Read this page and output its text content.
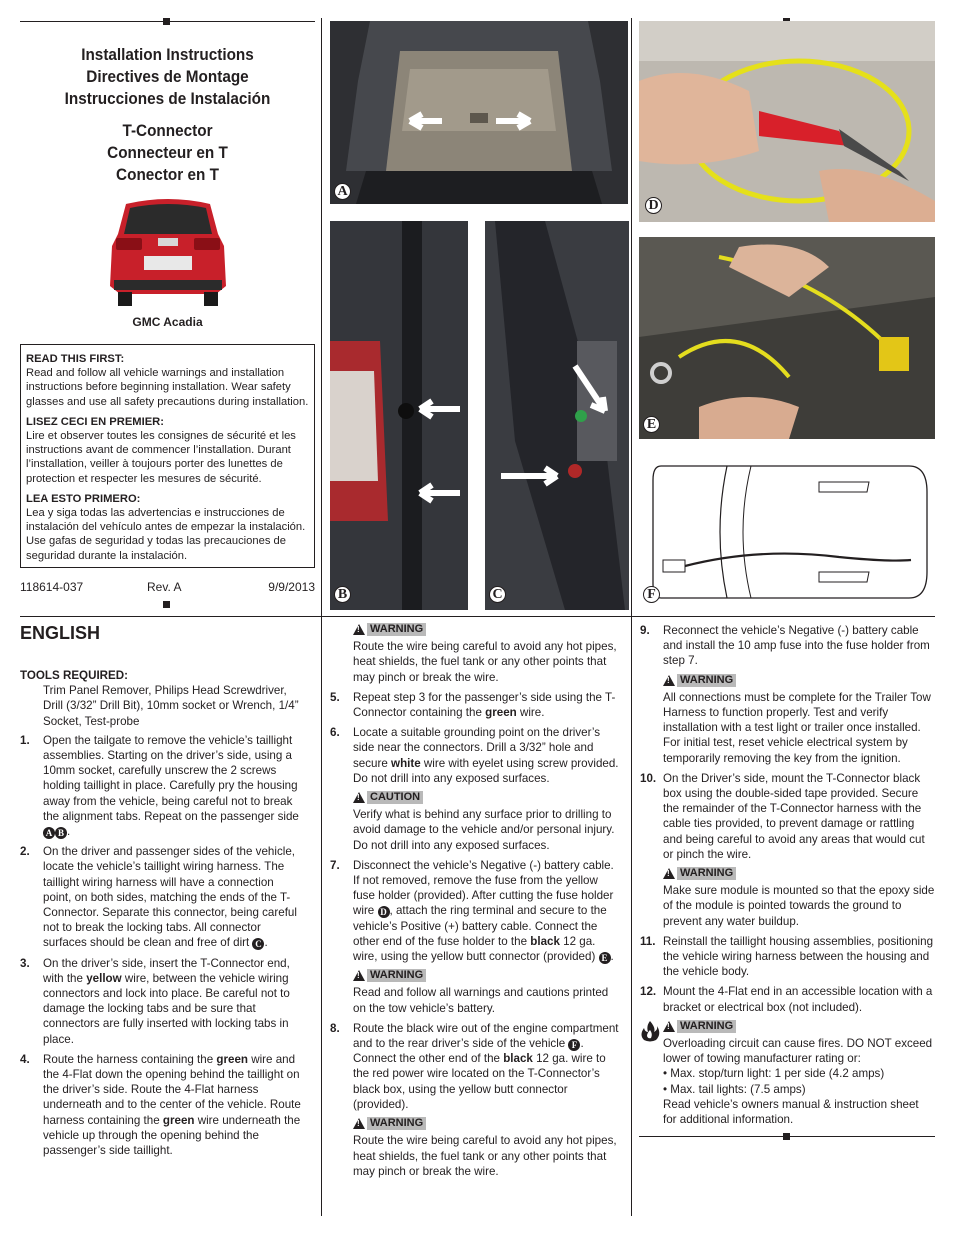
Installation Instructions
Directives de Montage
Instrucciones de Instalación
T-Connector
Connecteur en T
Conector en T
GMC Acadia

READ THIS FIRST:
Read and follow all vehicle warnings and installation instructions before beginning installation. Wear safety glasses and use all safety precautions during installation.

LISEZ CECI EN PREMIER:
Lire et observer toutes les consignes de sécurité et les instructions avant de commencer l’installation. Durant l’installation, veiller à toujours porter des lunettes de protection et respecter les mesures de sécurité.

LEA ESTO PRIMERO:
Lea y siga todas las advertencias e instrucciones de instalación del vehículo antes de empezar la instalación. Use gafas de seguridad y todas las precauciones de seguridad durante la instalación.

118614-037	Rev. A	9/9/2013
A
D
B	C
E
F
ENGLISH
TOOLS REQUIRED:
Trim Panel Remover, Philips Head Screwdriver, Drill (3/32” Drill Bit), 10mm socket or Wrench, 1/4” Socket, Test-probe
1. Open the tailgate to remove the vehicle’s taillight assemblies. Starting on the driver’s side, using a 10mm socket, carefully unscrew the 2 screws holding taillight in place. Carefully pry the housing away from the vehicle, being careful not to break the alignment tabs. Repeat on the passenger side A B .
2. On the driver and passenger sides of the vehicle, locate the vehicle’s taillight wiring harness. The taillight wiring harness will have a connection point, on both sides, matching the ends of the T-Connector. Separate this connector, being careful not to break the locking tabs. All connector surfaces should be clean and free of dirt C .
3. On the driver’s side, insert the T-Connector end, with the yellow wire, between the vehicle wiring connectors and lock into place. Be careful not to damage the locking tabs and be sure that connectors are fully inserted with locking tabs in place.
4. Route the harness containing the green wire and the 4-Flat down the opening behind the taillight on the driver’s side. Route the 4-Flat harness underneath and to the center of the vehicle. Route harness containing the green wire underneath the vehicle up through the opening behind the passenger’s side taillight.
!
WARNING
Route the wire being careful to avoid any hot pipes, heat shields, the fuel tank or any other points that may pinch or break the wire.
5. Repeat step 3 for the passenger’s side using the T-Connector containing the green wire.
6. Locate a suitable grounding point on the driver’s side near the connectors. Drill a 3/32” hole and secure white wire with eyelet using screw provided. Do not drill into any exposed surfaces.
!
CAUTION
Verify what is behind any surface prior to drilling to avoid damage to the vehicle and/or personal injury. Do not drill into any exposed surfaces.
7. Disconnect the vehicle’s Negative (-) battery cable. If not removed, remove the fuse from the yellow fuse holder (provided). After cutting the fuse holder wire D , attach the ring terminal and secure to the vehicle’s Positive (+) battery cable. Connect the other end of the fuse holder to the black 12 ga. wire, using the yellow butt connector (provided) E .
!
WARNING
Read and follow all warnings and cautions printed on the tow vehicle’s battery.
8. Route the black wire out of the engine compartment and to the rear driver’s side of the vehicle F . Connect the other end of the black 12 ga. wire to the red power wire located on the T-Connector’s black box, using the yellow butt connector (provided).
!
WARNING
Route the wire being careful to avoid any hot pipes, heat shields, the fuel tank or any other points that may pinch or break the wire.
9. Reconnect the vehicle’s Negative (-) battery cable and install the 10 amp fuse into the fuse holder from step 7.
!
WARNING
All connections must be complete for the Trailer Tow Harness to function properly. Test and verify installation with a test light or trailer once installed. For initial test, reset vehicle electrical system by temporarily removing the key from the ignition.
10. On the Driver’s side, mount the T-Connector black box using the double-sided tape provided. Secure the remainder of the T-Connector harness with the cable ties provided, to prevent damage or rattling and being careful to avoid any areas that would cut or pinch the wire.
!
WARNING
Make sure module is mounted so that the epoxy side of the module is pointed towards the ground to prevent any water buildup.
11. Reinstall the taillight housing assemblies, positioning the vehicle wiring harness between the housing and the vehicle body.
12. Mount the 4-Flat end in an accessible location with a bracket or electrical box (not included).
!
WARNING
Overloading circuit can cause fires. DO NOT exceed lower of towing manufacturer rating or:
• Max. stop/turn light: 1 per side (4.2 amps)
• Max. tail lights: (7.5 amps)
Read vehicle’s owners manual & instruction sheet for additional information.
